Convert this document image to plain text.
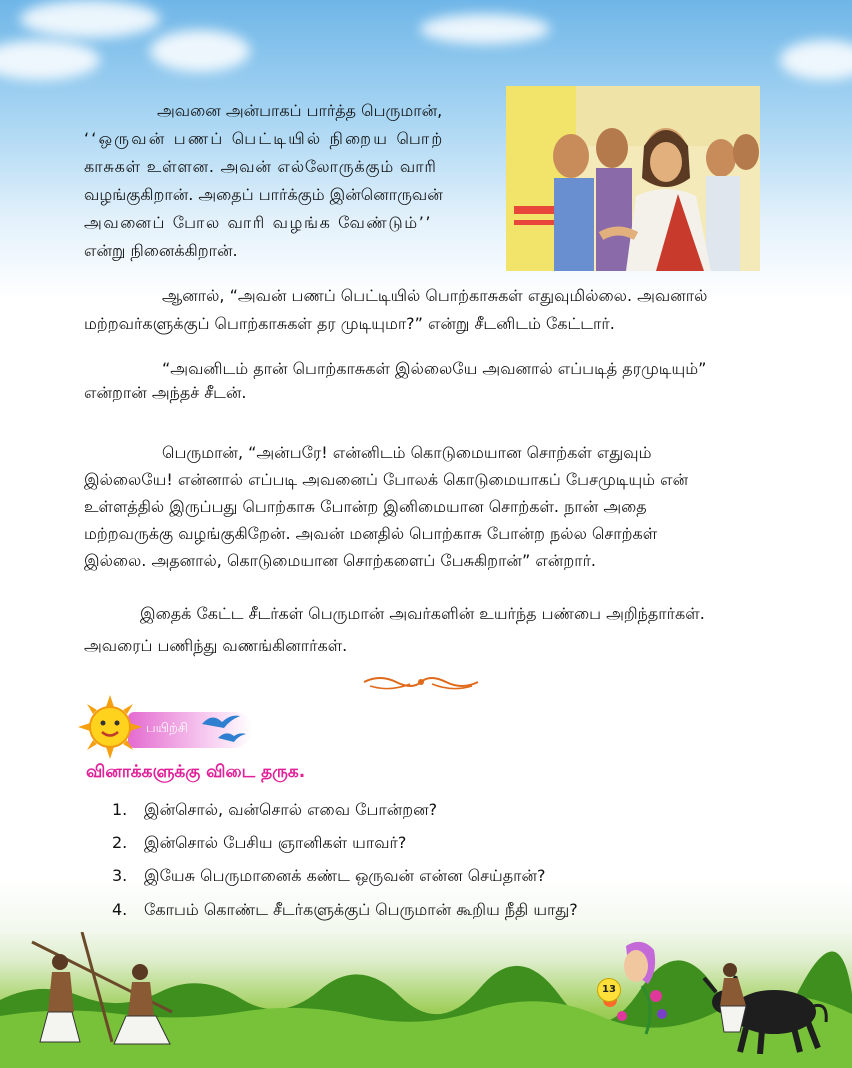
அவனை அன்பாகப் பார்த்த பெருமான்,

‘‘ஒருவன் பணப் பெட்டியில் நிறைய பொற்

காசுகள் உள்ளன. அவன் எல்லோருக்கும் வாரி

வழங்குகிறான். அதைப் பார்க்கும் இன்னொருவன்

அவனைப் போல வாரி வழங்க வேண்டும்’’

என்று நினைக்கிறான்.

ஆனால், “அவன் பணப் பெட்டியில் பொற்காசுகள் எதுவுமில்லை. அவனால்

மற்றவர்களுக்குப் பொற்காசுகள் தர முடியுமா?” என்று சீடனிடம் கேட்டார்.

“அவனிடம் தான் பொற்காசுகள் இல்லையே அவனால் எப்படித் தரமுடியும்”

என்றான் அந்தச் சீடன்.

பெருமான், “அன்பரே! என்னிடம் கொடுமையான சொற்கள் எதுவும்

இல்லையே! என்னால் எப்படி அவனைப் போலக் கொடுமையாகப் பேசமுடியும் என்

உள்ளத்தில் இருப்பது பொற்காசு போன்ற இனிமையான சொற்கள். நான் அதை

மற்றவருக்கு வழங்குகிறேன். அவன் மனதில் பொற்காசு போன்ற நல்ல சொற்கள்

இல்லை. அதனால், கொடுமையான சொற்களைப் பேசுகிறான்” என்றார்.

இதைக் கேட்ட சீடர்கள் பெருமான் அவர்களின் உயர்ந்த பண்பை அறிந்தார்கள்.

அவரைப் பணிந்து வணங்கினார்கள்.

பயிற்சி

வினாக்களுக்கு விடை தருக.

1. இன்சொல், வன்சொல் எவை போன்றன?

2. இன்சொல் பேசிய ஞானிகள் யாவர்?

3. இயேசு பெருமானைக் கண்ட ஒருவன் என்ன செய்தான்?

4. கோபம் கொண்ட சீடர்களுக்குப் பெருமான் கூறிய நீதி யாது?

13
